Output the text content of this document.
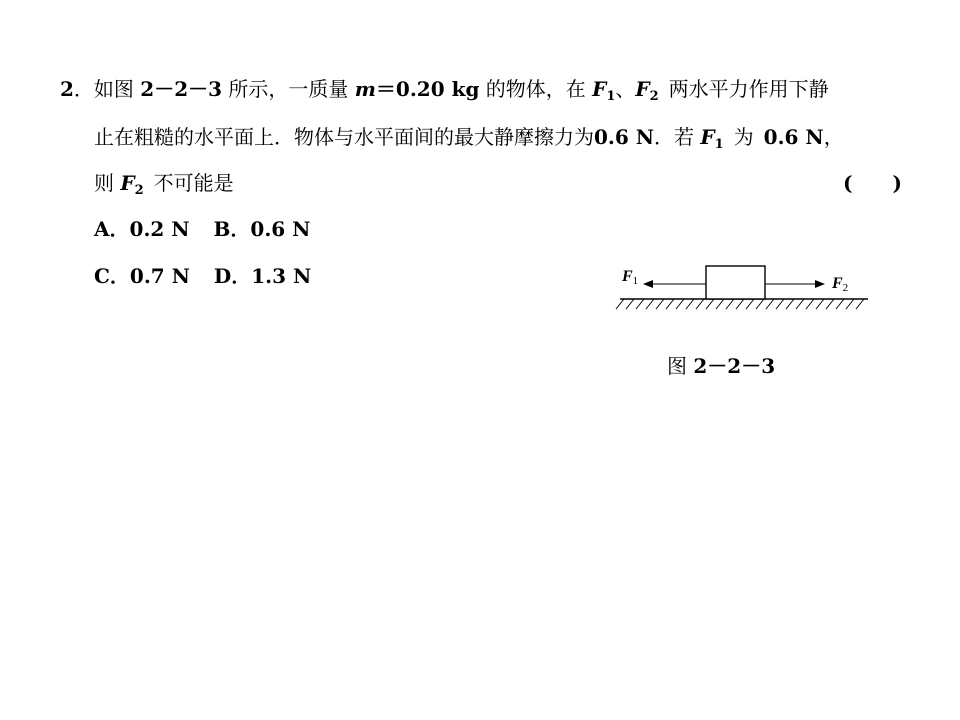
2．如图 2－2－3 所示，一质量 m＝0.20 kg 的物体，在 $F_1$、$F_2$ 两水平力作用下静
止在粗糙的水平面上．物体与水平面间的最大静摩擦力为0.6 N．若 $F_1$ 为 0.6 N，
则 $F_2$ 不可能是	(　　)
A．0.2 N B．0.6 N
C．0.7 N D．1.3 N	F1	F2
图 2－2－3
